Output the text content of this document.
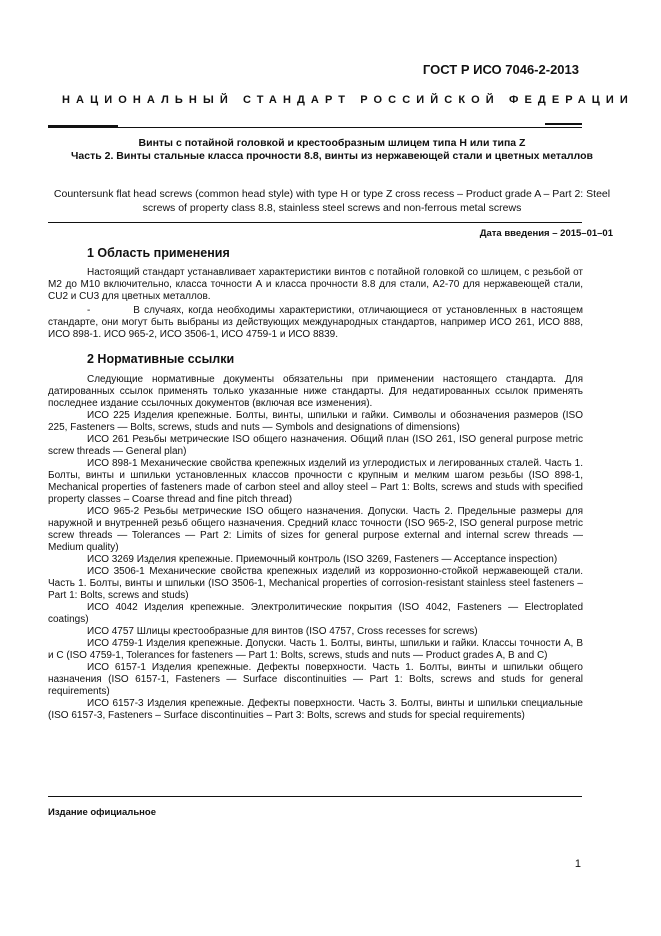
ГОСТ Р ИСО 7046-2-2013
НАЦИОНАЛЬНЫЙ СТАНДАРТ РОССИЙСКОЙ ФЕДЕРАЦИИ
Винты с потайной головкой и крестообразным шлицем типа H или типа Z
Часть 2. Винты стальные класса прочности 8.8, винты из нержавеющей стали и цветных металлов
Countersunk flat head screws (common head style) with type H or type Z cross recess – Product grade A – Part 2: Steel screws of property class 8.8, stainless steel screws and non-ferrous metal screws
Дата введения – 2015–01–01
1 Область применения

Настоящий стандарт устанавливает характеристики винтов с потайной головкой со шлицем, с резьбой от М2 до М10 включительно, класса точности А и класса прочности 8.8 для стали, А2-70 для нержавеющей стали, CU2 и CU3 для цветных металлов.

-          В случаях, когда необходимы характеристики, отличающиеся от установленных в настоящем стандарте, они могут быть выбраны из действующих международных стандартов, например ИСО 261, ИСО 888, ИСО 898-1. ИСО 965-2, ИСО 3506-1, ИСО 4759-1 и ИСО 8839.

2 Нормативные ссылки

Следующие нормативные документы обязательны при применении настоящего стандарта. Для датированных ссылок применять только указанные ниже стандарты. Для недатированных ссылок применять последнее издание ссылочных документов (включая все изменения).

ИСО 225 Изделия крепежные. Болты, винты, шпильки и гайки. Символы и обозначения размеров (ISO 225, Fasteners — Bolts, screws, studs and nuts — Symbols and designations of dimensions)

ИСО 261 Резьбы метрические ISO общего назначения. Общий план (ISO 261, ISO general purpose metric screw threads — General plan)

ИСО 898-1 Механические свойства крепежных изделий из углеродистых и легированных сталей. Часть 1. Болты, винты и шпильки установленных классов прочности с крупным и мелким шагом резьбы (ISO 898-1, Mechanical properties of fasteners made of carbon steel and alloy steel – Part 1: Bolts, screws and studs with specified property classes – Coarse thread and fine pitch thread)

ИСО 965-2 Резьбы метрические ISO общего назначения. Допуски. Часть 2. Предельные размеры для наружной и внутренней резьб общего назначения. Средний класс точности (ISO 965-2, ISO general purpose metric screw threads — Tolerances — Part 2: Limits of sizes for general purpose external and internal screw threads — Medium quality)

ИСО 3269 Изделия крепежные. Приемочный контроль (ISO 3269, Fasteners — Acceptance inspection)

ИСО 3506-1 Механические свойства крепежных изделий из коррозионно-стойкой нержавеющей стали. Часть 1. Болты, винты и шпильки (ISO 3506-1, Mechanical properties of corrosion-resistant stainless steel fasteners – Part 1: Bolts, screws and studs)

ИСО 4042 Изделия крепежные. Электролитические покрытия (ISO 4042, Fasteners — Electroplated coatings)

ИСО 4757 Шлицы крестообразные для винтов (ISO 4757, Cross recesses for screws)

ИСО 4759-1 Изделия крепежные. Допуски. Часть 1. Болты, винты, шпильки и гайки. Классы точности А, В и С (ISO 4759-1, Tolerances for fasteners — Part 1: Bolts, screws, studs and nuts — Product grades A, B and C)

ИСО 6157-1 Изделия крепежные. Дефекты поверхности. Часть 1. Болты, винты и шпильки общего назначения (ISO 6157-1, Fasteners — Surface discontinuities — Part 1: Bolts, screws and studs for general requirements)

ИСО 6157-3 Изделия крепежные. Дефекты поверхности. Часть 3. Болты, винты и шпильки специальные (ISO 6157-3, Fasteners – Surface discontinuities – Part 3: Bolts, screws and studs for special requirements)

Издание официальное
1
